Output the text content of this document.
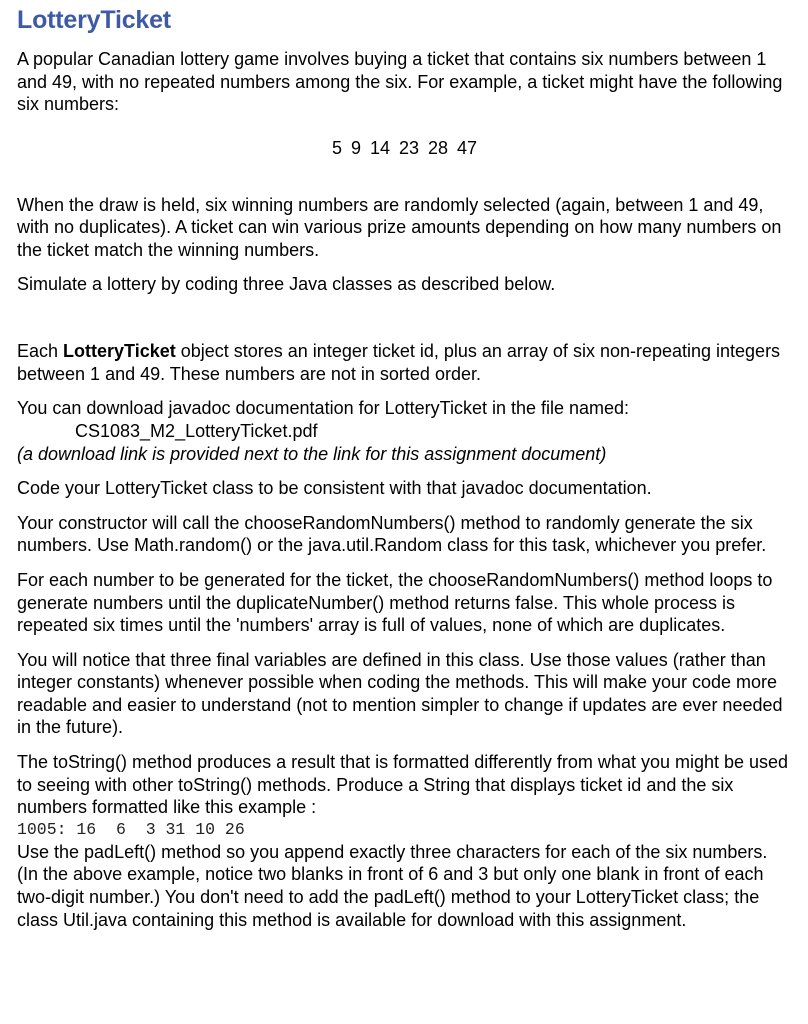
LotteryTicket

A popular Canadian lottery game involves buying a ticket that contains six numbers between 1 and 49, with no repeated numbers among the six. For example, a ticket might have the following six numbers:

5 9 14 23 28 47

When the draw is held, six winning numbers are randomly selected (again, between 1 and 49, with no duplicates). A ticket can win various prize amounts depending on how many numbers on the ticket match the winning numbers.

Simulate a lottery by coding three Java classes as described below.

Each LotteryTicket object stores an integer ticket id, plus an array of six non-repeating integers between 1 and 49. These numbers are not in sorted order.

You can download javadoc documentation for LotteryTicket in the file named:
CS1083_M2_LotteryTicket.pdf
(a download link is provided next to the link for this assignment document)

Code your LotteryTicket class to be consistent with that javadoc documentation.

Your constructor will call the chooseRandomNumbers() method to randomly generate the six numbers. Use Math.random() or the java.util.Random class for this task, whichever you prefer.

For each number to be generated for the ticket, the chooseRandomNumbers() method loops to generate numbers until the duplicateNumber() method returns false. This whole process is repeated six times until the 'numbers' array is full of values, none of which are duplicates.

You will notice that three final variables are defined in this class. Use those values (rather than integer constants) whenever possible when coding the methods. This will make your code more readable and easier to understand (not to mention simpler to change if updates are ever needed in the future).

The toString() method produces a result that is formatted differently from what you might be used to seeing with other toString() methods. Produce a String that displays ticket id and the six numbers formatted like this example :
1005: 16  6  3 31 10 26

Use the padLeft() method so you append exactly three characters for each of the six numbers. (In the above example, notice two blanks in front of 6 and 3 but only one blank in front of each two-digit number.) You don't need to add the padLeft() method to your LotteryTicket class; the class Util.java containing this method is available for download with this assignment.
